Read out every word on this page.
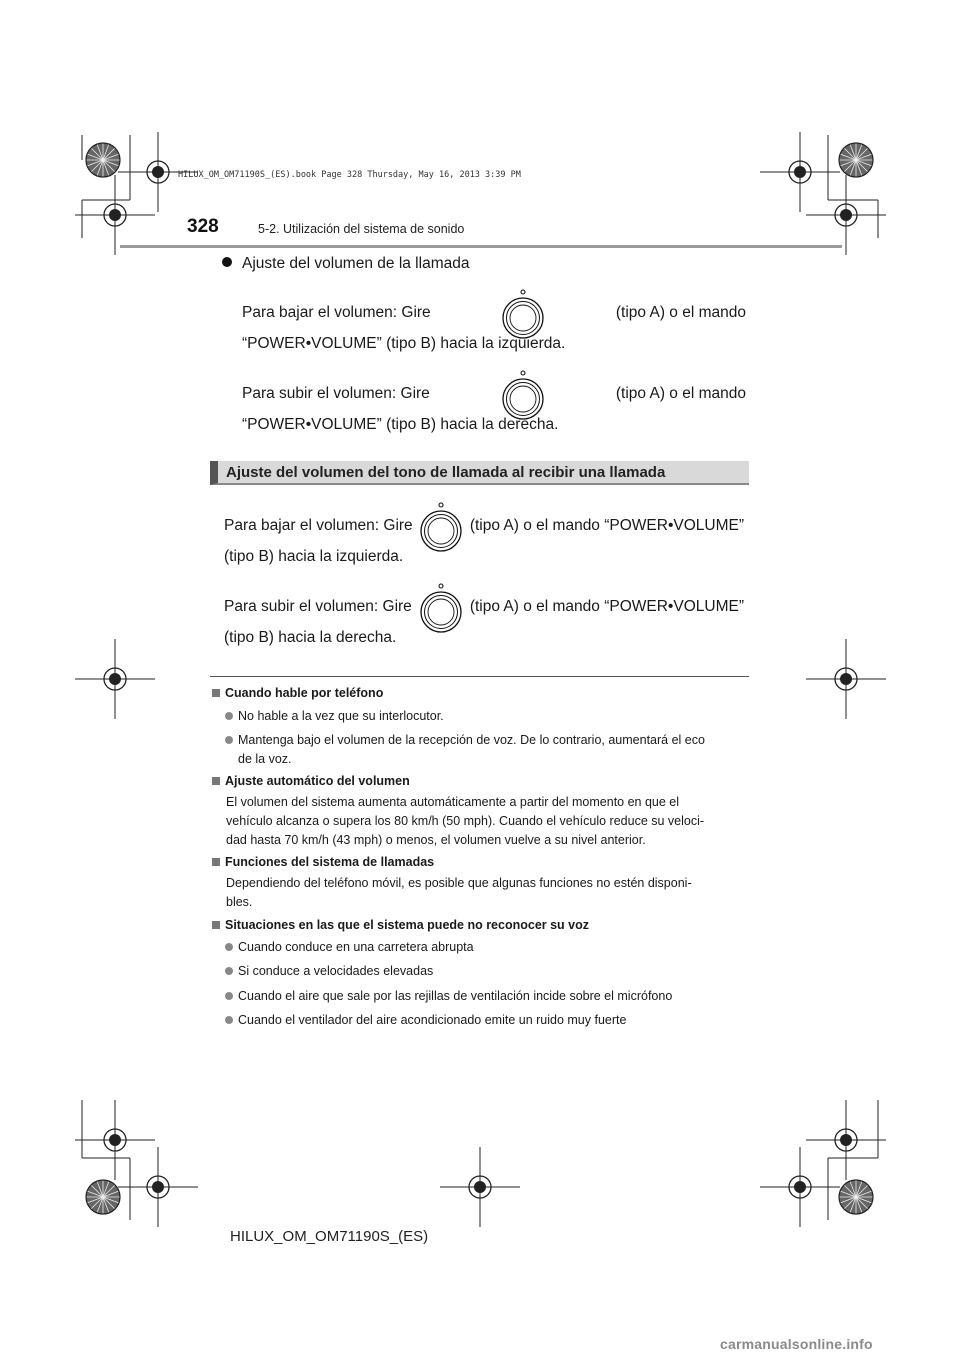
HILUX_OM_OM71190S_(ES).book Page 328 Thursday, May 16, 2013 3:39 PM
328	5-2. Utilización del sistema de sonido
Ajuste del volumen de la llamada
Para bajar el volumen: Gire	(tipo A) o el mando
“POWER•VOLUME” (tipo B) hacia la izquierda.
Para subir el volumen: Gire	(tipo A) o el mando
“POWER•VOLUME” (tipo B) hacia la derecha.
Ajuste del volumen del tono de llamada al recibir una llamada
Para bajar el volumen: Gire	(tipo A) o el mando “POWER•VOLUME”
(tipo B) hacia la izquierda.
Para subir el volumen: Gire	(tipo A) o el mando “POWER•VOLUME”
(tipo B) hacia la derecha.
Cuando hable por teléfono
No hable a la vez que su interlocutor.
Mantenga bajo el volumen de la recepción de voz. De lo contrario, aumentará el eco
de la voz.
Ajuste automático del volumen
El volumen del sistema aumenta automáticamente a partir del momento en que el
vehículo alcanza o supera los 80 km/h (50 mph). Cuando el vehículo reduce su veloci-
dad hasta 70 km/h (43 mph) o menos, el volumen vuelve a su nivel anterior.
Funciones del sistema de llamadas
Dependiendo del teléfono móvil, es posible que algunas funciones no estén disponi-
bles.
Situaciones en las que el sistema puede no reconocer su voz
Cuando conduce en una carretera abrupta
Si conduce a velocidades elevadas
Cuando el aire que sale por las rejillas de ventilación incide sobre el micrófono
Cuando el ventilador del aire acondicionado emite un ruido muy fuerte
HILUX_OM_OM71190S_(ES)
carmanualsonline.info
